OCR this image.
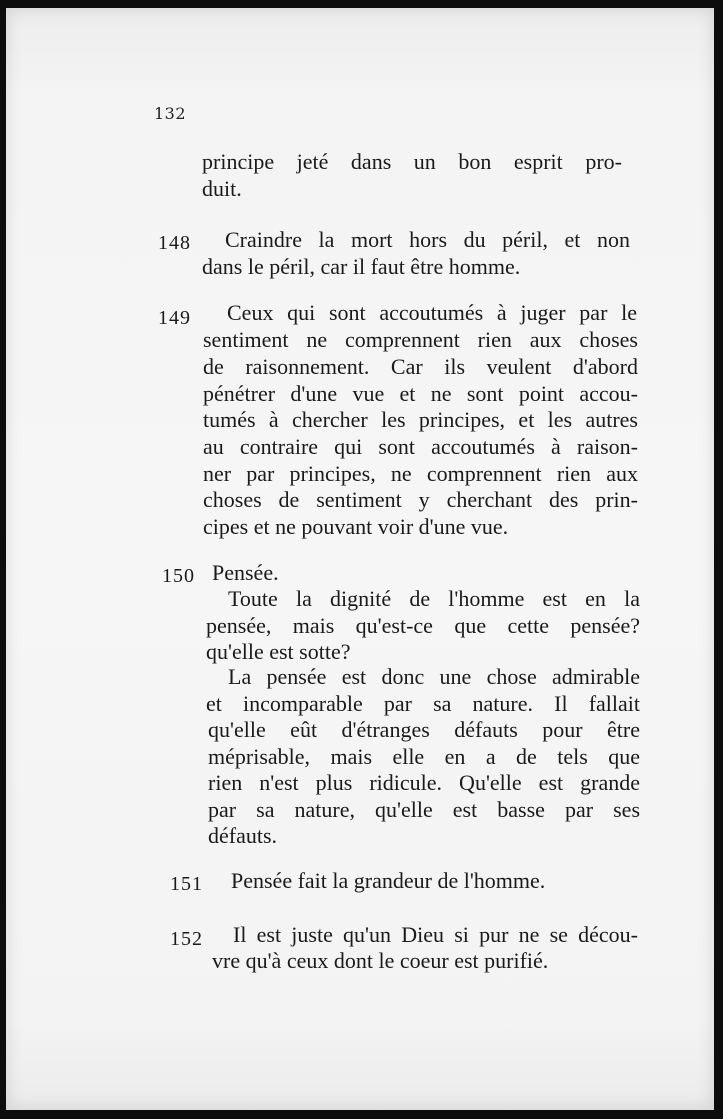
132
principe jeté dans un bon esprit pro-
duit.
148 Craindre la mort hors du péril, et non
dans le péril, car il faut être homme.
149 Ceux qui sont accoutumés à juger par le
sentiment ne comprennent rien aux choses
de raisonnement. Car ils veulent d'abord
pénétrer d'une vue et ne sont point accou-
tumés à chercher les principes, et les autres
au contraire qui sont accoutumés à raison-
ner par principes, ne comprennent rien aux
choses de sentiment y cherchant des prin-
cipes et ne pouvant voir d'une vue.
150 Pensée.
Toute la dignité de l'homme est en la
pensée, mais qu'est-ce que cette pensée?
qu'elle est sotte?
La pensée est donc une chose admirable
et incomparable par sa nature. Il fallait
qu'elle eût d'étranges défauts pour être
méprisable, mais elle en a de tels que
rien n'est plus ridicule. Qu'elle est grande
par sa nature, qu'elle est basse par ses
défauts.
151 Pensée fait la grandeur de l'homme.
152 Il est juste qu'un Dieu si pur ne se décou-
vre qu'à ceux dont le coeur est purifié.
